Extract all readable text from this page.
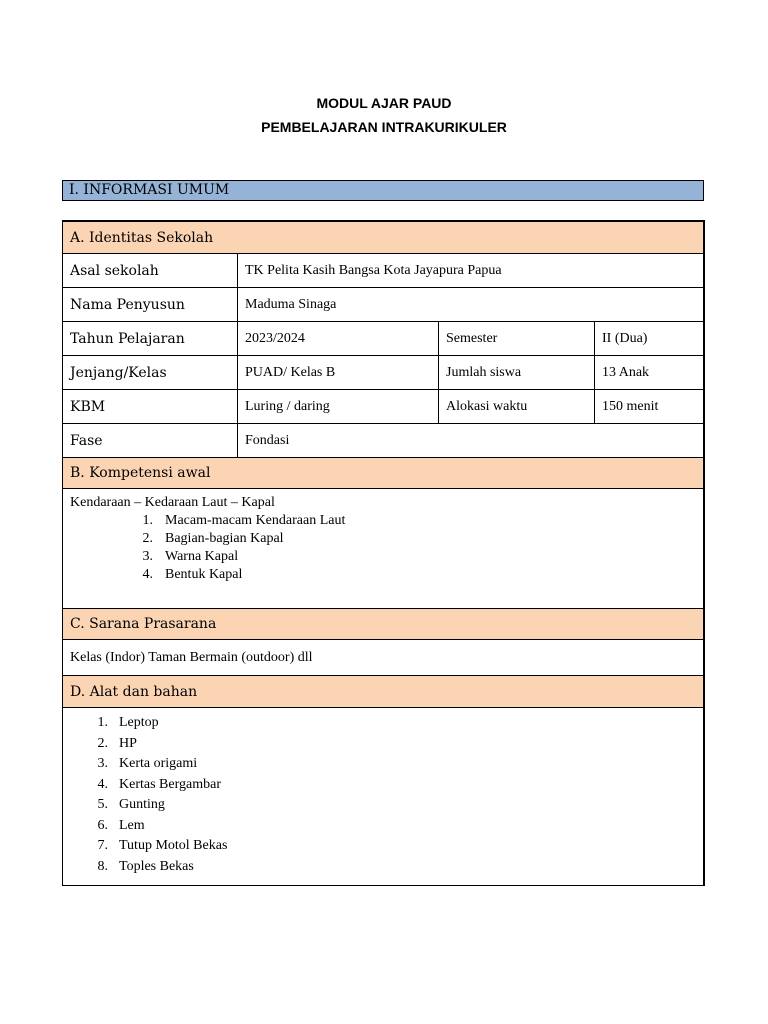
MODUL AJAR PAUD
PEMBELAJARAN INTRAKURIKULER
I. INFORMASI UMUM
A. Identitas Sekolah
Asal sekolah	TK Pelita Kasih Bangsa Kota Jayapura Papua
Nama Penyusun	Maduma Sinaga
Tahun Pelajaran	2023/2024	Semester	II (Dua)
Jenjang/Kelas	PUAD/ Kelas B	Jumlah siswa	13 Anak
KBM	Luring / daring	Alokasi waktu	150 menit
Fase	Fondasi
B. Kompetensi awal
Kendaraan – Kedaraan Laut – Kapal
1. Macam-macam Kendaraan Laut
2. Bagian-bagian Kapal
3. Warna Kapal
4. Bentuk Kapal
C. Sarana Prasarana
Kelas (Indor) Taman Bermain (outdoor) dll
D. Alat dan bahan
1. Leptop
2. HP
3. Kerta origami
4. Kertas Bergambar
5. Gunting
6. Lem
7. Tutup Motol Bekas
8. Toples Bekas
